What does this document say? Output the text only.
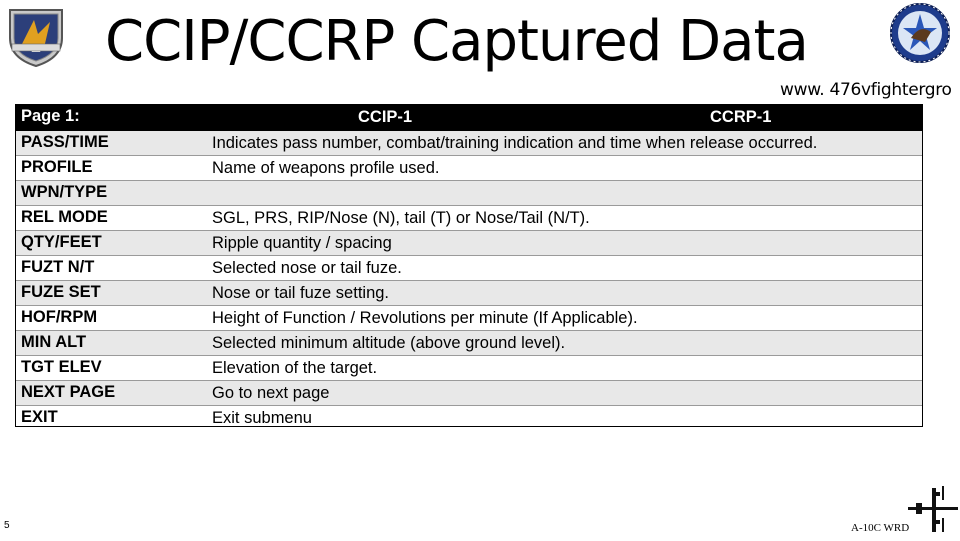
CCIP/CCRP Captured Data
www. 476vfightergro
Page 1:	CCIP-1	CCRP-1
PASS/TIME	Indicates pass number, combat/training indication and time when release occurred.
PROFILE	Name of weapons profile used.
WPN/TYPE
REL MODE	SGL, PRS, RIP/Nose (N), tail (T) or Nose/Tail (N/T).
QTY/FEET	Ripple quantity / spacing
FUZT N/T	Selected nose or tail fuze.
FUZE SET	Nose or tail fuze setting.
HOF/RPM	Height of Function / Revolutions per minute (If Applicable).
MIN ALT	Selected minimum altitude (above ground level).
TGT ELEV	Elevation of the target.
NEXT PAGE	Go to next page
EXIT	Exit submenu
5	A-10C WRD
